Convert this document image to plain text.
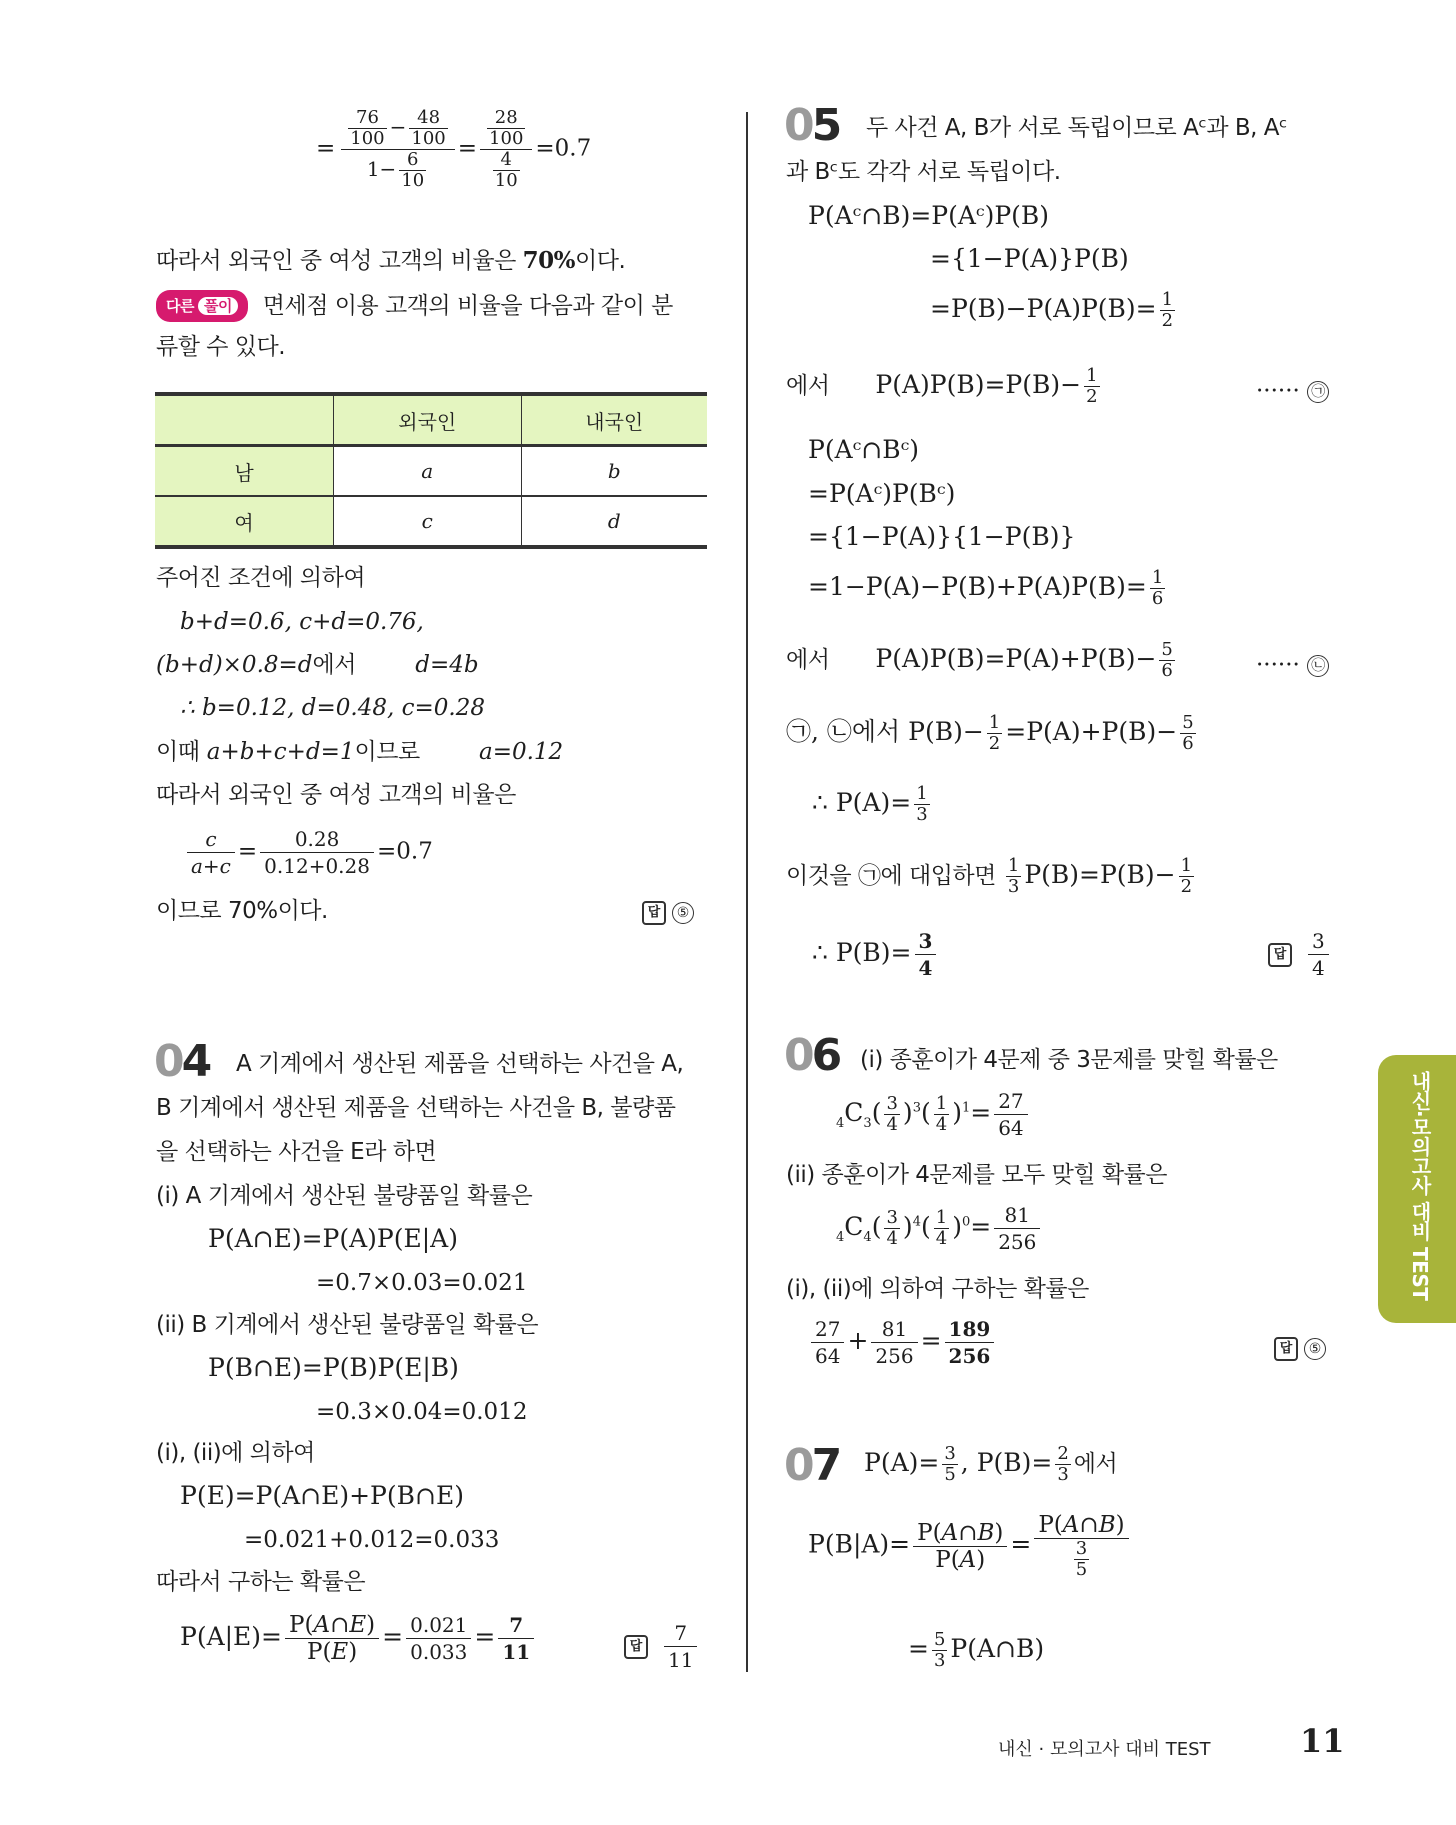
= $\frac{\frac{76}{100} - \frac{48}{100}}{1- \frac{6}{10}} = \frac{\frac{28}{100}}{\frac{4}{10}} =0.7$
따라서 외국인 중 여성 고객의 비율은 70%이다.
다른 풀이 면세점 이용 고객의 비율을 다음과 같이 분
류할 수 있다.
	외국인	내국인
남	a	b
여	c	d
주어진 조건에 의하여
b+d=0.6, c+d=0.76,
(b+d)×0.8=d에서	d=4b
∴ b=0.12, d=0.48, c=0.28
이때 a+b+c+d=1이므로	a=0.12
따라서 외국인 중 여성 고객의 비율은
$\frac{c}{a+c} = \frac{0.28}{0.12+0.28} =0.7$
이므로 70%이다.	답 ⑤
04 A 기계에서 생산된 제품을 선택하는 사건을 A,
B 기계에서 생산된 제품을 선택하는 사건을 B, 불량품
을 선택하는 사건을 E라 하면
(i) A 기계에서 생산된 불량품일 확률은
P(A∩E)=P(A)P(E|A)
=0.7×0.03=0.021
(ii) B 기계에서 생산된 불량품일 확률은
P(B∩E)=P(B)P(E|B)
=0.3×0.04=0.012
(i), (ii)에 의하여
P(E)=P(A∩E)+P(B∩E)
=0.021+0.012=0.033
따라서 구하는 확률은
$P(A|E)= \frac{P(A\cap E)}{P(E)} = \frac{0.021}{0.033} = \frac{7}{11}$	답 $\frac{7}{11}$
05 두 사건 A, B가 서로 독립이므로 Aᶜ과 B, Aᶜ
과 Bᶜ도 각각 서로 독립이다.
P(Aᶜ∩B)=P(Aᶜ)P(B)
={1−P(A)}P(B)
$=P(B)-P(A)P(B)= \frac{1}{2}$
에서 $P(A)P(B)=P(B)- \frac{1}{2}$	······ ㉠
P(Aᶜ∩Bᶜ)
=P(Aᶜ)P(Bᶜ)
={1−P(A)}{1−P(B)}
$=1-P(A)-P(B)+P(A)P(B)= \frac{1}{6}$
에서 $P(A)P(B)=P(A)+P(B)- \frac{5}{6}$	······ ㉡
㉠, ㉡에서 $P(B)- \frac{1}{2} =P(A)+P(B)- \frac{5}{6}$
∴ $P(A)= \frac{1}{3}$
이것을 ㉠에 대입하면 $\frac{1}{3} P(B)=P(B)- \frac{1}{2}$
∴ $P(B)= \frac{3}{4}$	답 $\frac{3}{4}$
06 (i) 종훈이가 4문제 중 3문제를 맞힐 확률은
$_4C_3( \frac{3}{4} )^3( \frac{1}{4} )^1= \frac{27}{64}$
(ii) 종훈이가 4문제를 모두 맞힐 확률은
$_4C_4( \frac{3}{4} )^4( \frac{1}{4} )^0= \frac{81}{256}$
(i), (ii)에 의하여 구하는 확률은
$\frac{27}{64} + \frac{81}{256} = \frac{189}{256}$	답 ⑤
07 $P(A)= \frac{3}{5}$ , $P(B)= \frac{2}{3}$ 에서
$P(B|A)= \frac{P(A\cap B)}{P(A)} = \frac{P(A\cap B)}{\frac{3}{5}}$
= $\frac{5}{3}$ P(A∩B)
내신·모의고사 대비 TEST
내신 · 모의고사 대비 TEST	11
